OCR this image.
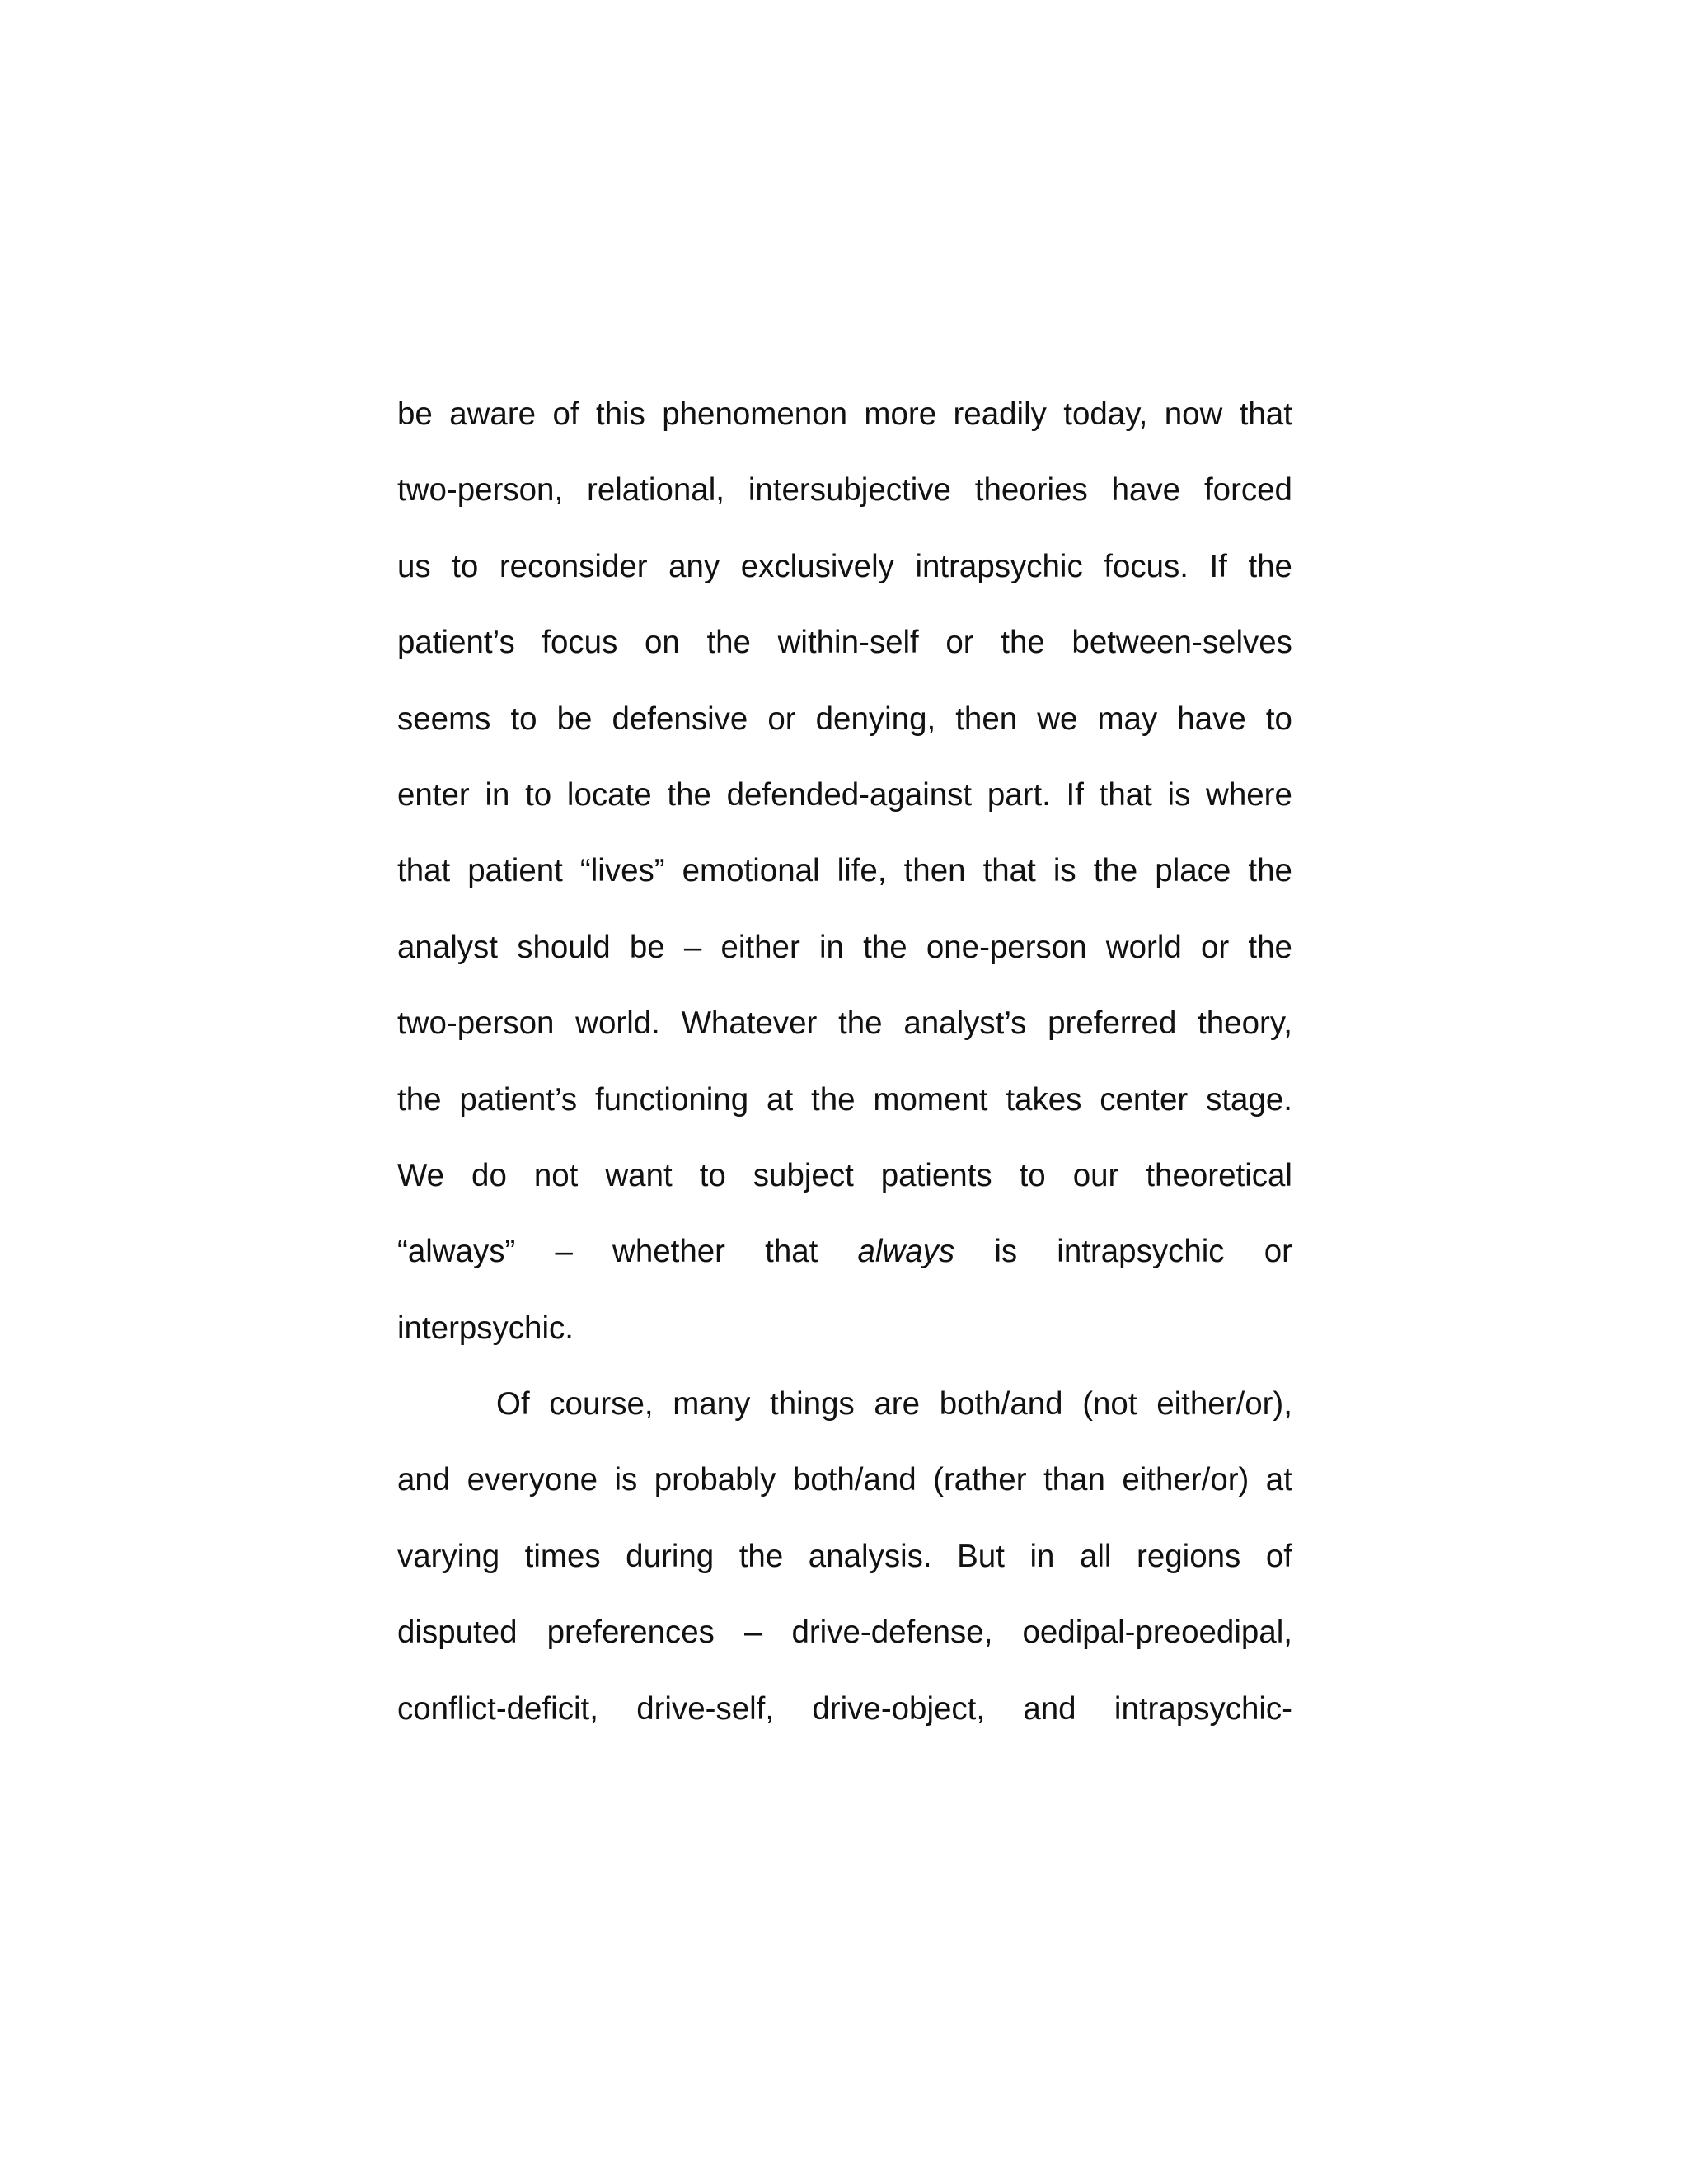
be aware of this phenomenon more readily today, now that
two-person, relational, intersubjective theories have forced
us to reconsider any exclusively intrapsychic focus. If the
patient’s focus on the within-self or the between-selves
seems to be defensive or denying, then we may have to
enter in to locate the defended-against part. If that is where
that patient “lives” emotional life, then that is the place the
analyst should be – either in the one-person world or the
two-person world. Whatever the analyst’s preferred theory,
the patient’s functioning at the moment takes center stage.
We do not want to subject patients to our theoretical
“always” – whether that always is intrapsychic or
interpsychic.
Of course, many things are both/and (not either/or),
and everyone is probably both/and (rather than either/or) at
varying times during the analysis. But in all regions of
disputed preferences – drive-defense, oedipal-preoedipal,
conflict-deficit, drive-self, drive-object, and intrapsychic-
